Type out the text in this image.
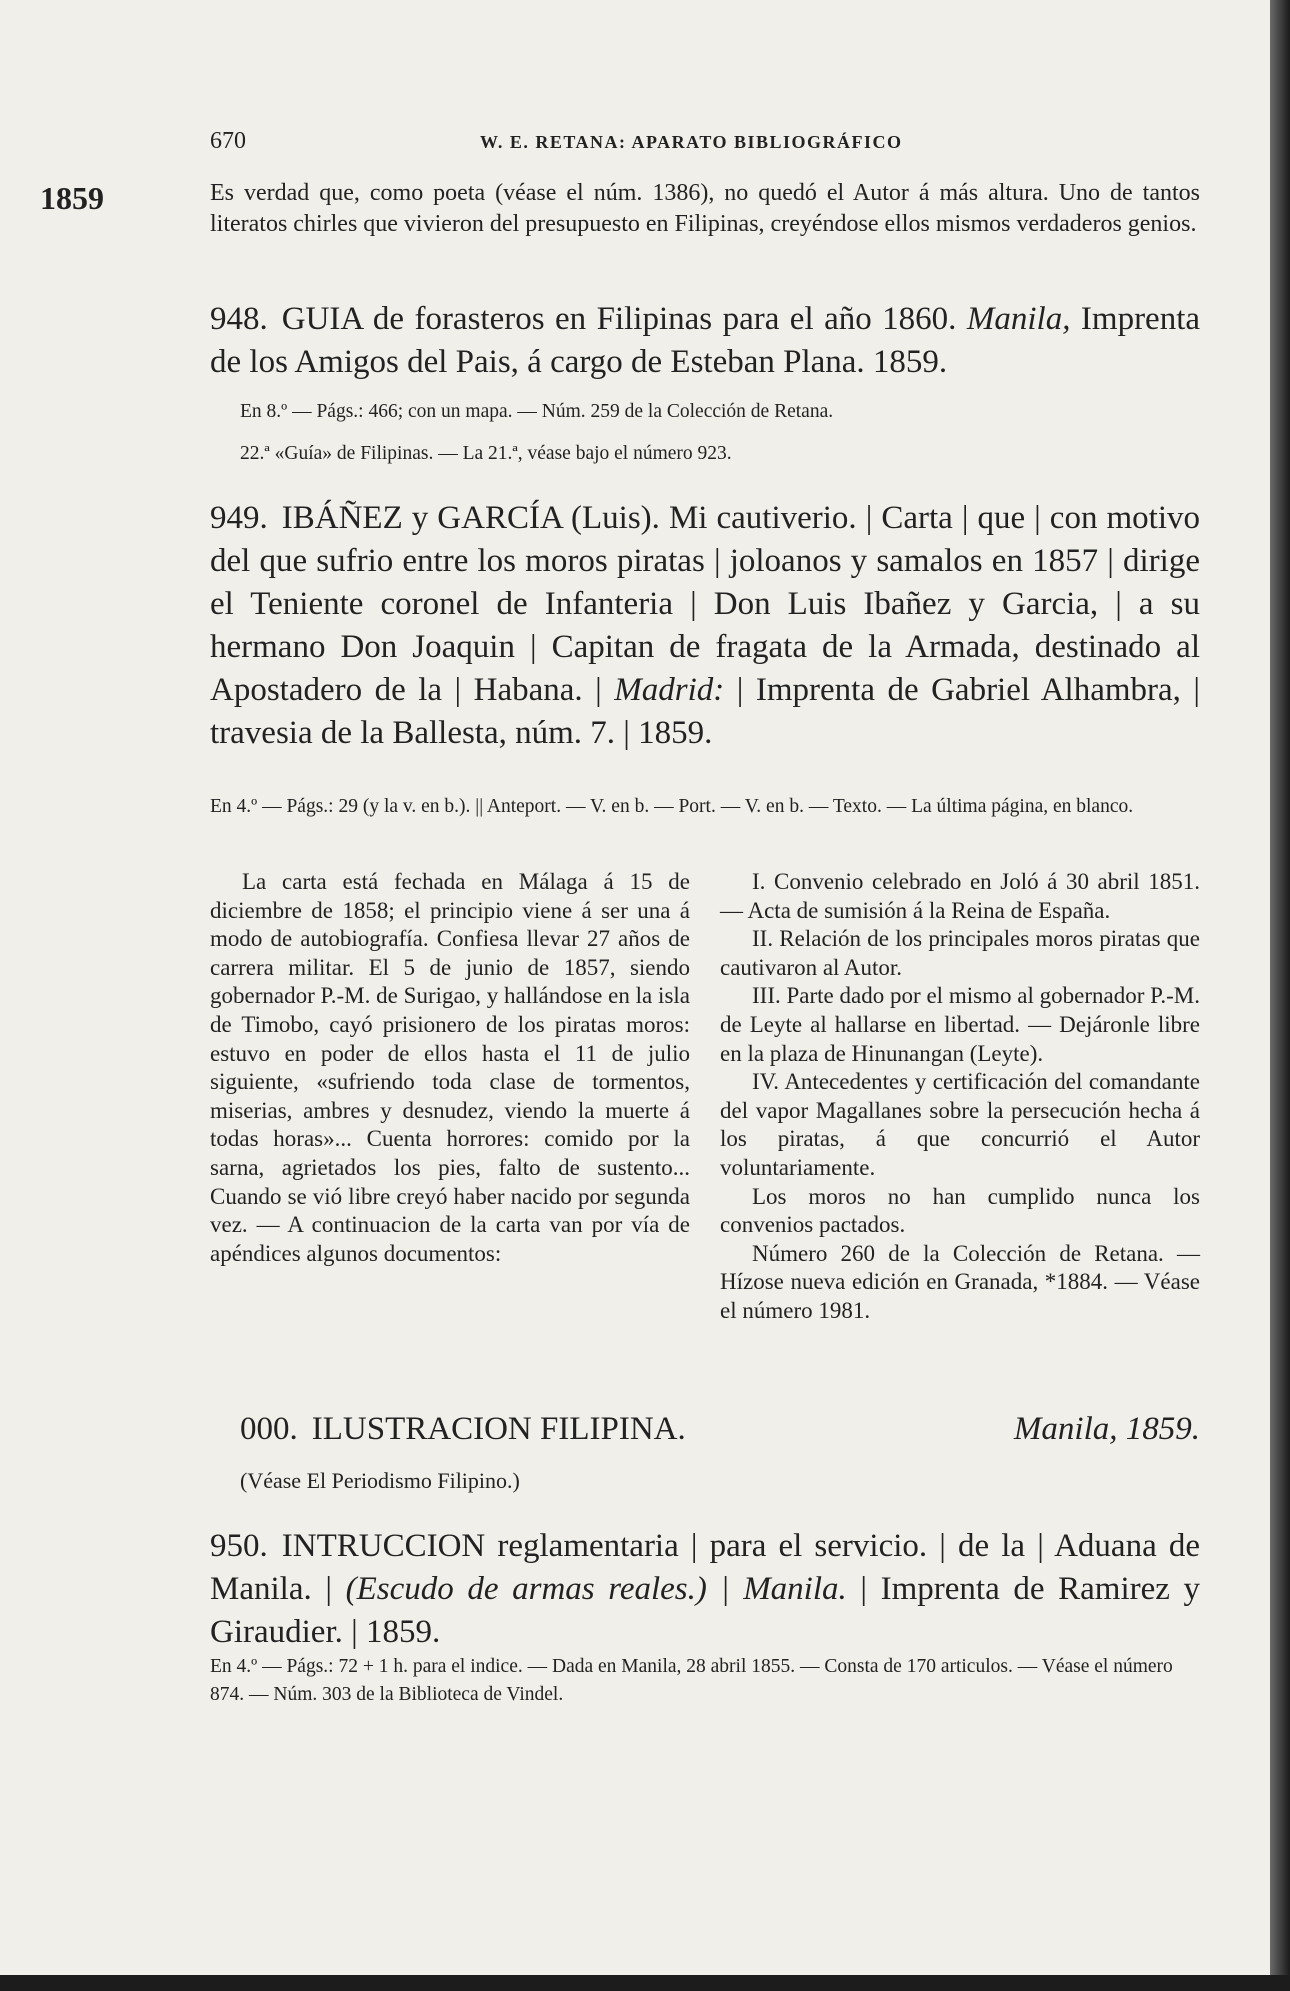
670	W. E. RETANA: APARATO BIBLIOGRÁFICO
1859	Es verdad que, como poeta (véase el núm. 1386), no quedó el Autor á más altura. Uno de tantos literatos chirles que vivieron del presupuesto en Filipinas, creyéndose ellos mismos verdaderos genios.
948. GUIA de forasteros en Filipinas para el año 1860. Manila, Imprenta de los Amigos del Pais, á cargo de Esteban Plana. 1859.
En 8.º — Págs.: 466; con un mapa. — Núm. 259 de la Colección de Retana.
22.ª «Guía» de Filipinas. — La 21.ª, véase bajo el número 923.
949. IBÁÑEZ y GARCÍA (Luis). Mi cautiverio. | Carta | que | con motivo del que sufrio entre los moros piratas | joloanos y samalos en 1857 | dirige el Teniente coronel de Infanteria | Don Luis Ibañez y Garcia, | a su hermano Don Joaquin | Capitan de fragata de la Armada, destinado al Apostadero de la | Habana. | Madrid: | Imprenta de Gabriel Alhambra, | travesia de la Ballesta, núm. 7. | 1859.
En 4.º — Págs.: 29 (y la v. en b.). || Anteport. — V. en b. — Port. — V. en b. — Texto. — La última página, en blanco.
La carta está fechada en Málaga á 15 de diciembre de 1858; el principio viene á ser una á modo de autobiografía. Confiesa llevar 27 años de carrera militar. El 5 de junio de 1857, siendo gobernador P.-M. de Surigao, y hallándose en la isla de Timobo, cayó prisionero de los piratas moros: estuvo en poder de ellos hasta el 11 de julio siguiente, «sufriendo toda clase de tormentos, miserias, ambres y desnudez, viendo la muerte á todas horas»... Cuenta horrores: comido por la sarna, agrietados los pies, falto de sustento... Cuando se vió libre creyó haber nacido por segunda vez. — A continuacion de la carta van por vía de apéndices algunos documentos:
I. Convenio celebrado en Joló á 30 abril 1851. — Acta de sumisión á la Reina de España.
II. Relación de los principales moros piratas que cautivaron al Autor.
III. Parte dado por el mismo al gobernador P.-M. de Leyte al hallarse en libertad. — Dejáronle libre en la plaza de Hinunangan (Leyte).
IV. Antecedentes y certificación del comandante del vapor Magallanes sobre la persecución hecha á los piratas, á que concurrió el Autor voluntariamente.
Los moros no han cumplido nunca los convenios pactados.
Número 260 de la Colección de Retana. — Hízose nueva edición en Granada, *1884. — Véase el número 1981.
000. ILUSTRACION FILIPINA.	Manila, 1859.
(Véase El Periodismo Filipino.)
950. INTRUCCION reglamentaria | para el servicio. | de la | Aduana de Manila. | (Escudo de armas reales.) | Manila. | Imprenta de Ramirez y Giraudier. | 1859.
En 4.º — Págs.: 72 + 1 h. para el indice. — Dada en Manila, 28 abril 1855. — Consta de 170 articulos. — Véase el número 874. — Núm. 303 de la Biblioteca de Vindel.
